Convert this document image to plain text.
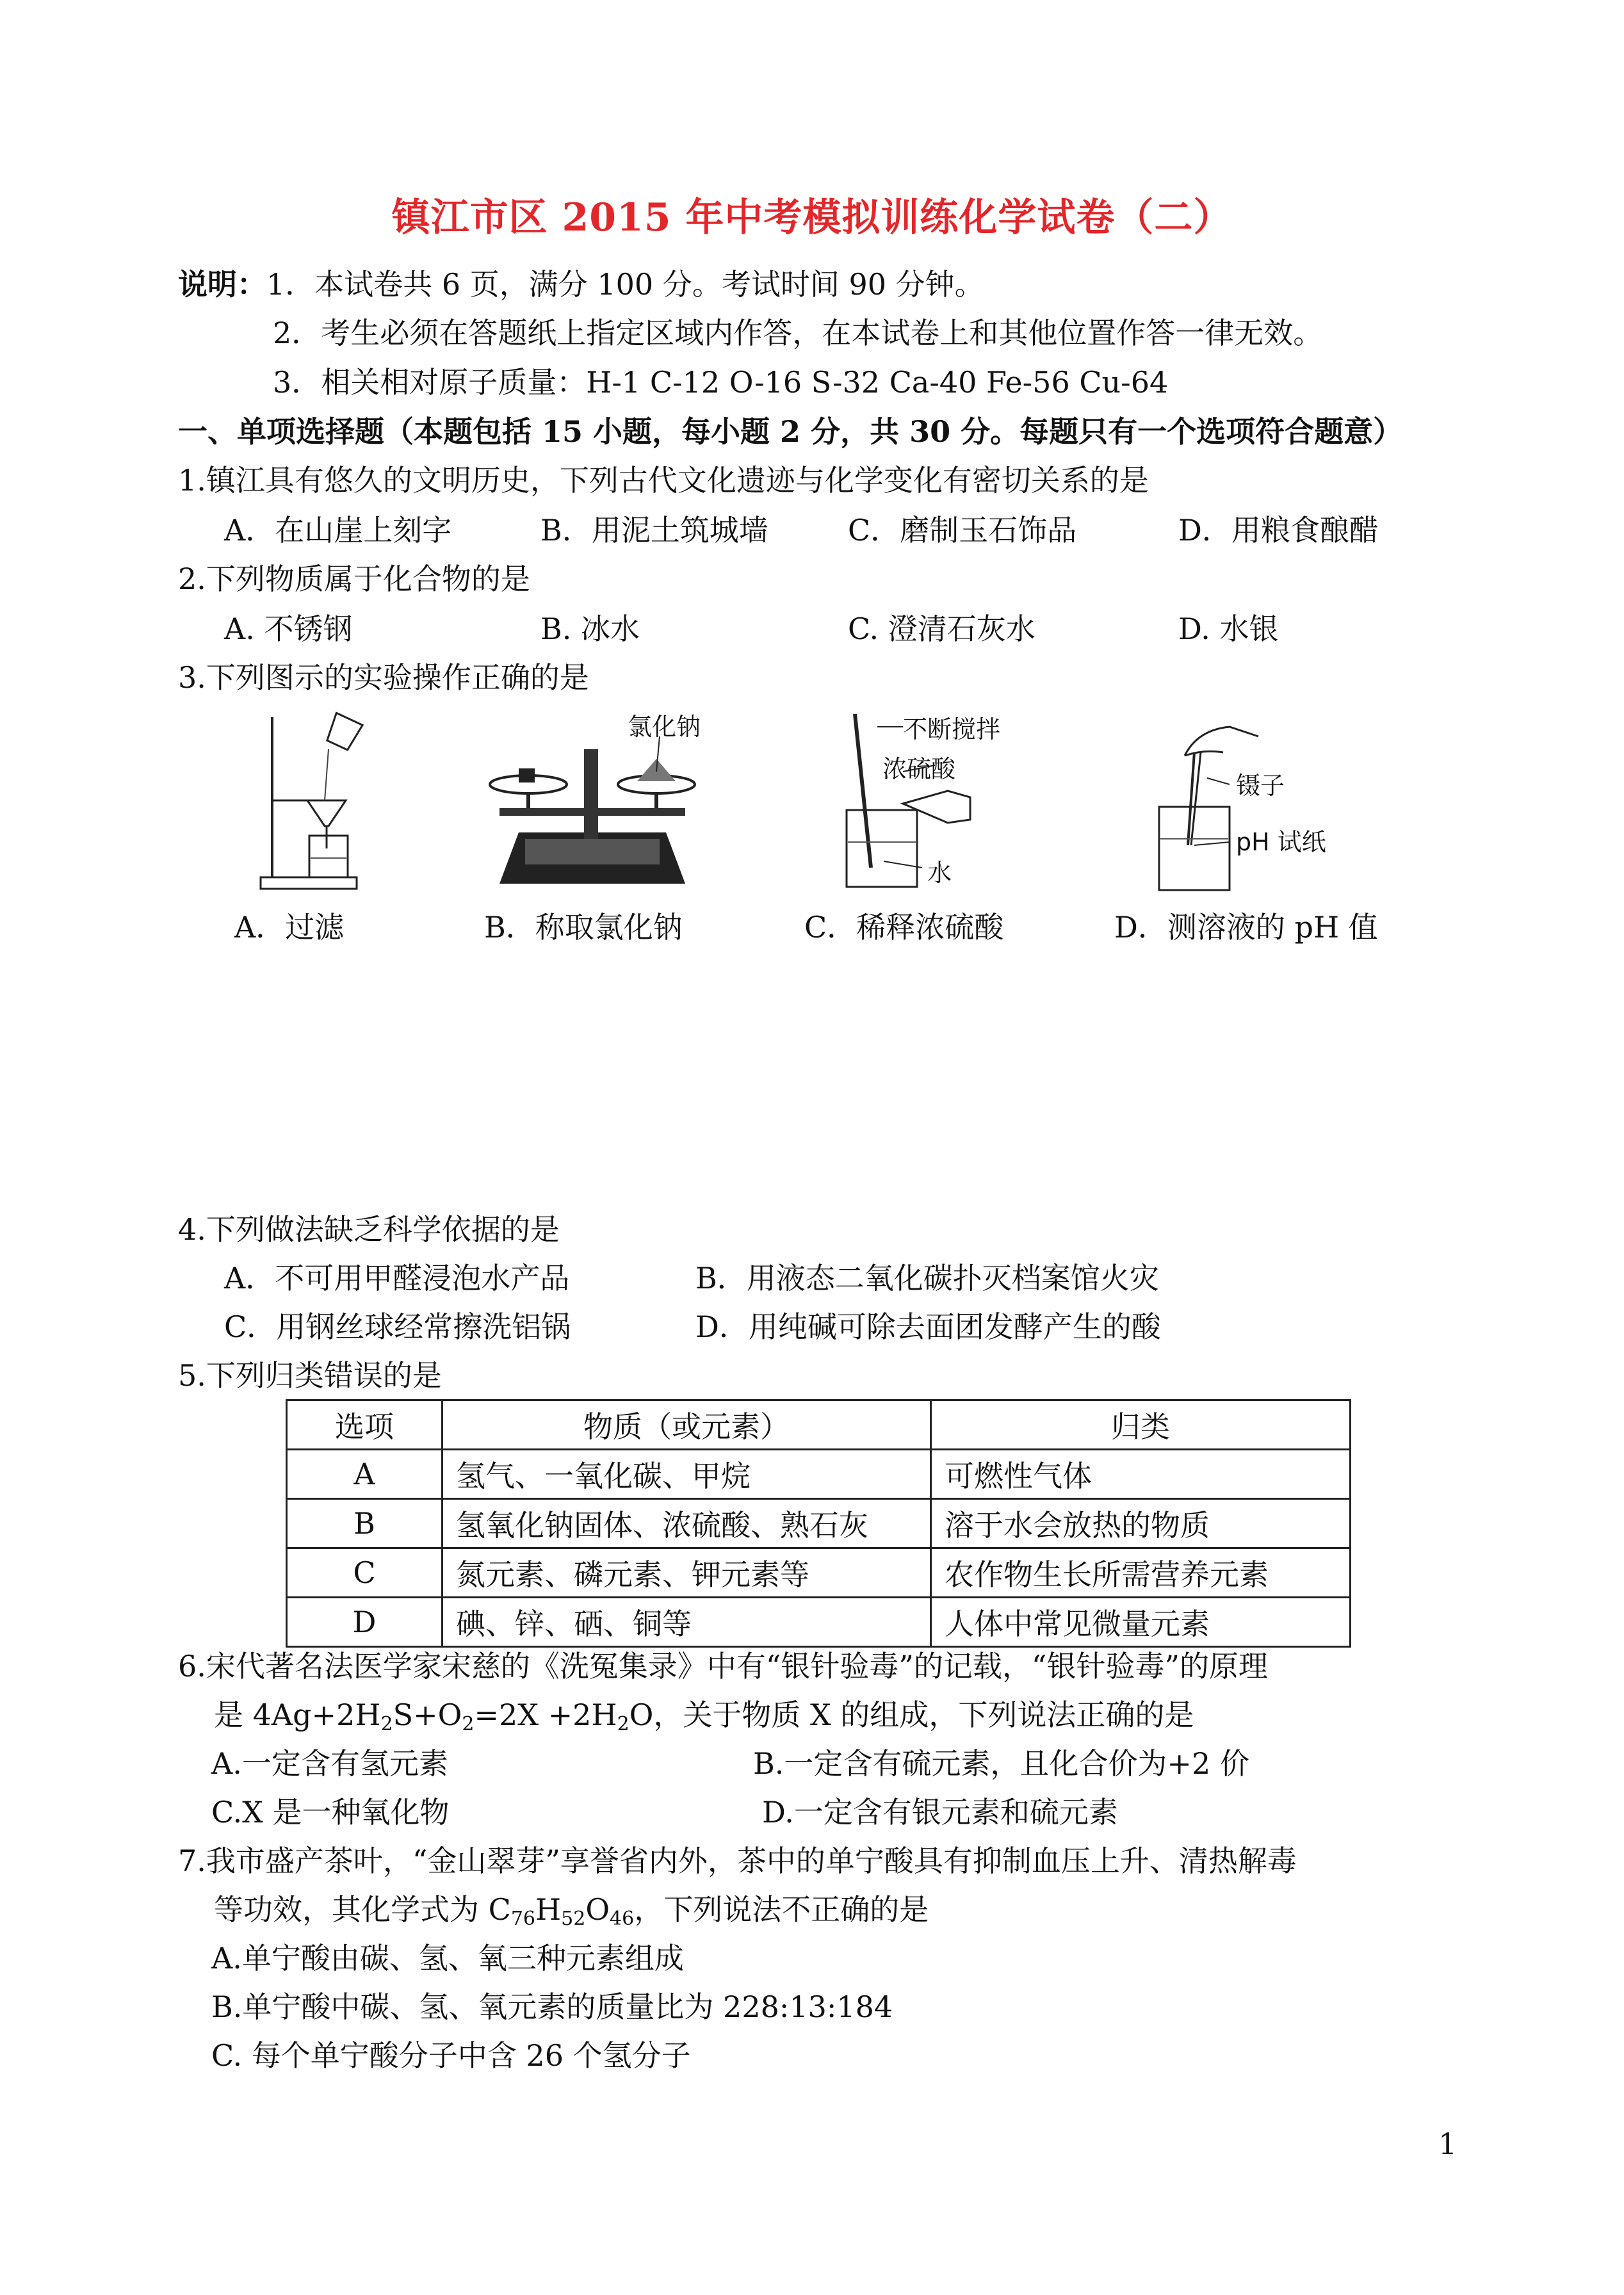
镇江市区 2015 年中考模拟训练化学试卷（二）
说明：1．本试卷共 6 页，满分 100 分。考试时间 90 分钟。
2．考生必须在答题纸上指定区域内作答，在本试卷上和其他位置作答一律无效。
3．相关相对原子质量：H-1 C-12 O-16 S-32 Ca-40 Fe-56 Cu-64
一、单项选择题（本题包括 15 小题，每小题 2 分，共 30 分。每题只有一个选项符合题意）
1.镇江具有悠久的文明历史，下列古代文化遗迹与化学变化有密切关系的是
A．在山崖上刻字	B．用泥土筑城墙	C．磨制玉石饰品	D．用粮食酿醋
2.下列物质属于化合物的是
A. 不锈钢	B. 冰水	C. 澄清石灰水	D. 水银
3.下列图示的实验操作正确的是
氯化钠	不断搅拌
浓硫酸
水
镊子
pH 试纸
A．过滤	B．称取氯化钠	C．稀释浓硫酸	D．测溶液的 pH 值
4.下列做法缺乏科学依据的是
A．不可用甲醛浸泡水产品	B．用液态二氧化碳扑灭档案馆火灾
C．用钢丝球经常擦洗铝锅	D．用纯碱可除去面团发酵产生的酸
5.下列归类错误的是
选项	物质（或元素）	归类
A	氢气、一氧化碳、甲烷	可燃性气体
B	氢氧化钠固体、浓硫酸、熟石灰	溶于水会放热的物质
C	氮元素、磷元素、钾元素等	农作物生长所需营养元素
D	碘、锌、硒、铜等	人体中常见微量元素
6.宋代著名法医学家宋慈的《洗冤集录》中有“银针验毒”的记载，“银针验毒”的原理
是 $4Ag+2H_2S+O_2=2X +2H_2O$，关于物质 X 的组成，下列说法正确的是
A.一定含有氢元素	B.一定含有硫元素，且化合价为+2 价
C.X 是一种氧化物	D.一定含有银元素和硫元素
7.我市盛产茶叶，“金山翠芽”享誉省内外，茶中的单宁酸具有抑制血压上升、清热解毒
等功效，其化学式为 $C_{76}H_{52}O_{46}$，下列说法不正确的是
A.单宁酸由碳、氢、氧三种元素组成
B.单宁酸中碳、氢、氧元素的质量比为 228:13:184
C. 每个单宁酸分子中含 26 个氢分子
1
